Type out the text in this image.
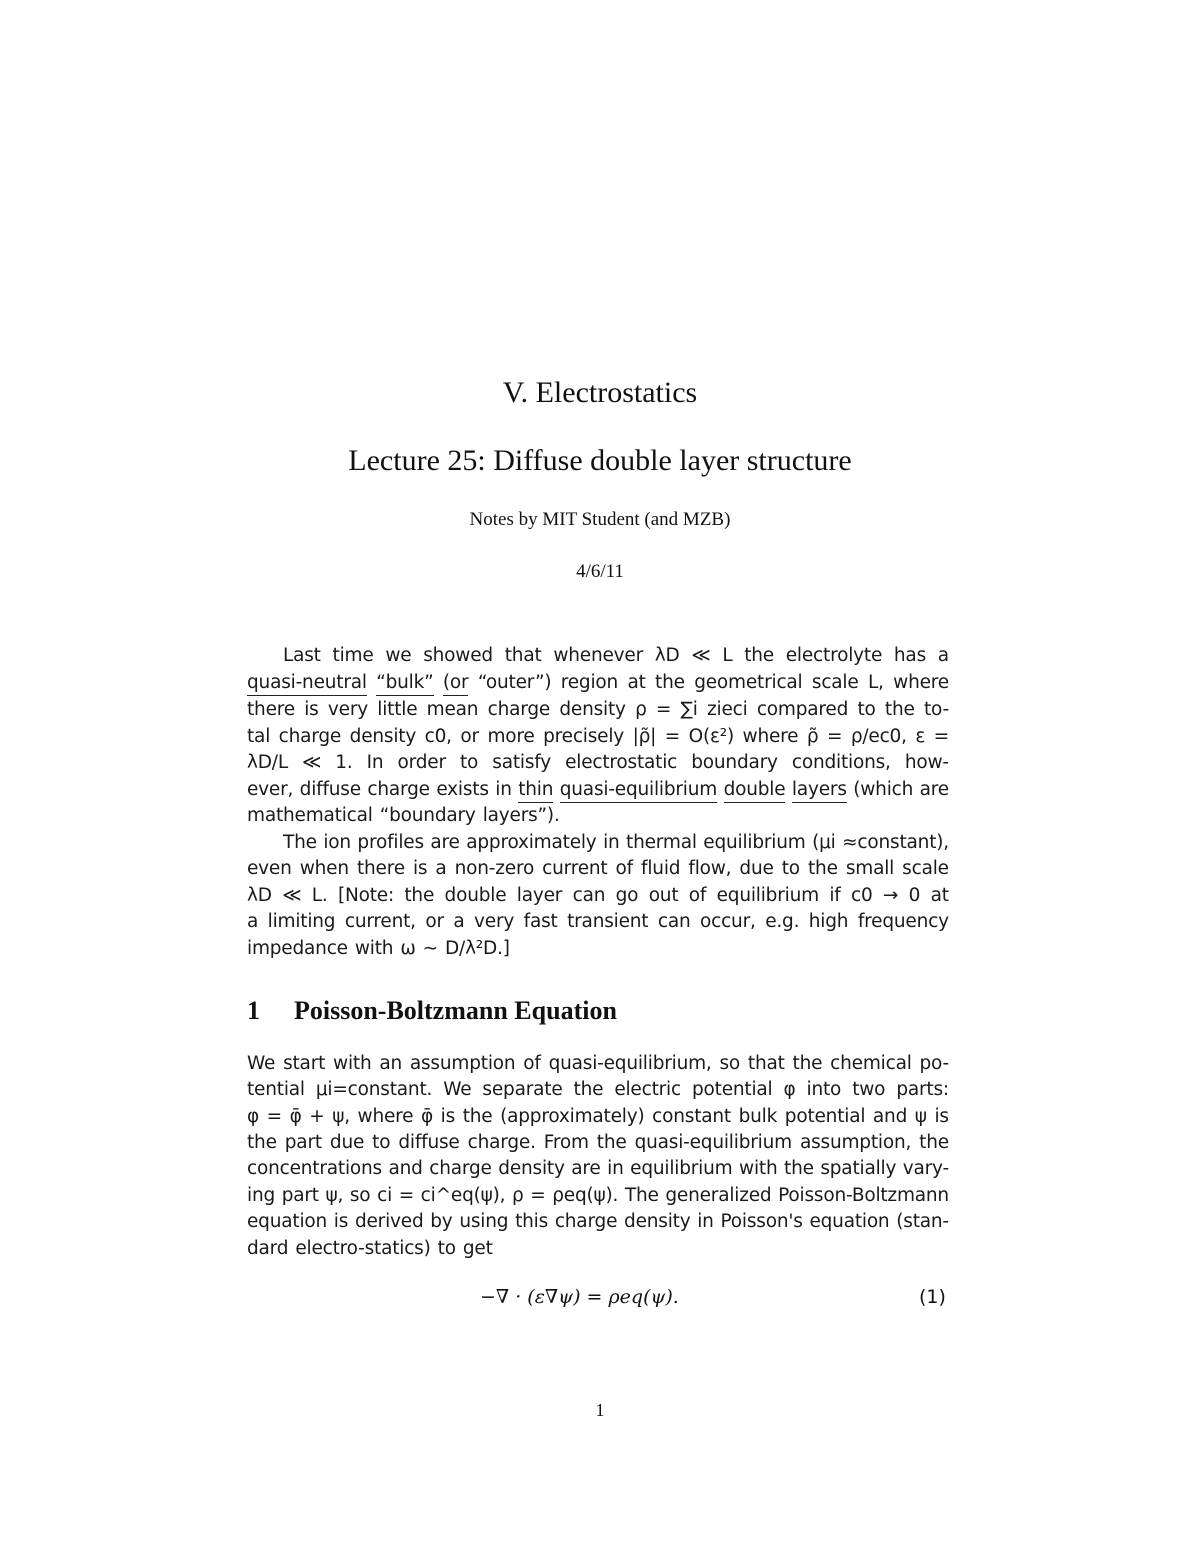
V. Electrostatics
Lecture 25: Diffuse double layer structure
Notes by MIT Student (and MZB)
4/6/11
Last time we showed that whenever λD ≪ L the electrolyte has a
quasi-neutral “bulk” (or “outer”) region at the geometrical scale L, where
there is very little mean charge density ρ = ∑i zieci compared to the to-
tal charge density c0, or more precisely |ρ̃| = O(ε²) where ρ̃ = ρ/ec0, ε =
λD/L ≪ 1. In order to satisfy electrostatic boundary conditions, how-
ever, diffuse charge exists in thin quasi-equilibrium double layers (which are
mathematical “boundary layers”).
The ion profiles are approximately in thermal equilibrium (μi ≈constant),
even when there is a non-zero current of fluid flow, due to the small scale
λD ≪ L. [Note: the double layer can go out of equilibrium if c0 → 0 at
a limiting current, or a very fast transient can occur, e.g. high frequency
impedance with ω ∼ D/λ²D.]
1 Poisson-Boltzmann Equation
We start with an assumption of quasi-equilibrium, so that the chemical po-
tential μi=constant. We separate the electric potential φ into two parts:
φ = φ̄ + ψ, where φ̄ is the (approximately) constant bulk potential and ψ is
the part due to diffuse charge. From the quasi-equilibrium assumption, the
concentrations and charge density are in equilibrium with the spatially vary-
ing part ψ, so ci = ci^eq(ψ), ρ = ρeq(ψ). The generalized Poisson-Boltzmann
equation is derived by using this charge density in Poisson's equation (stan-
dard electro-statics) to get
−∇ · (ε∇ψ) = ρeq(ψ).	(1)
1
